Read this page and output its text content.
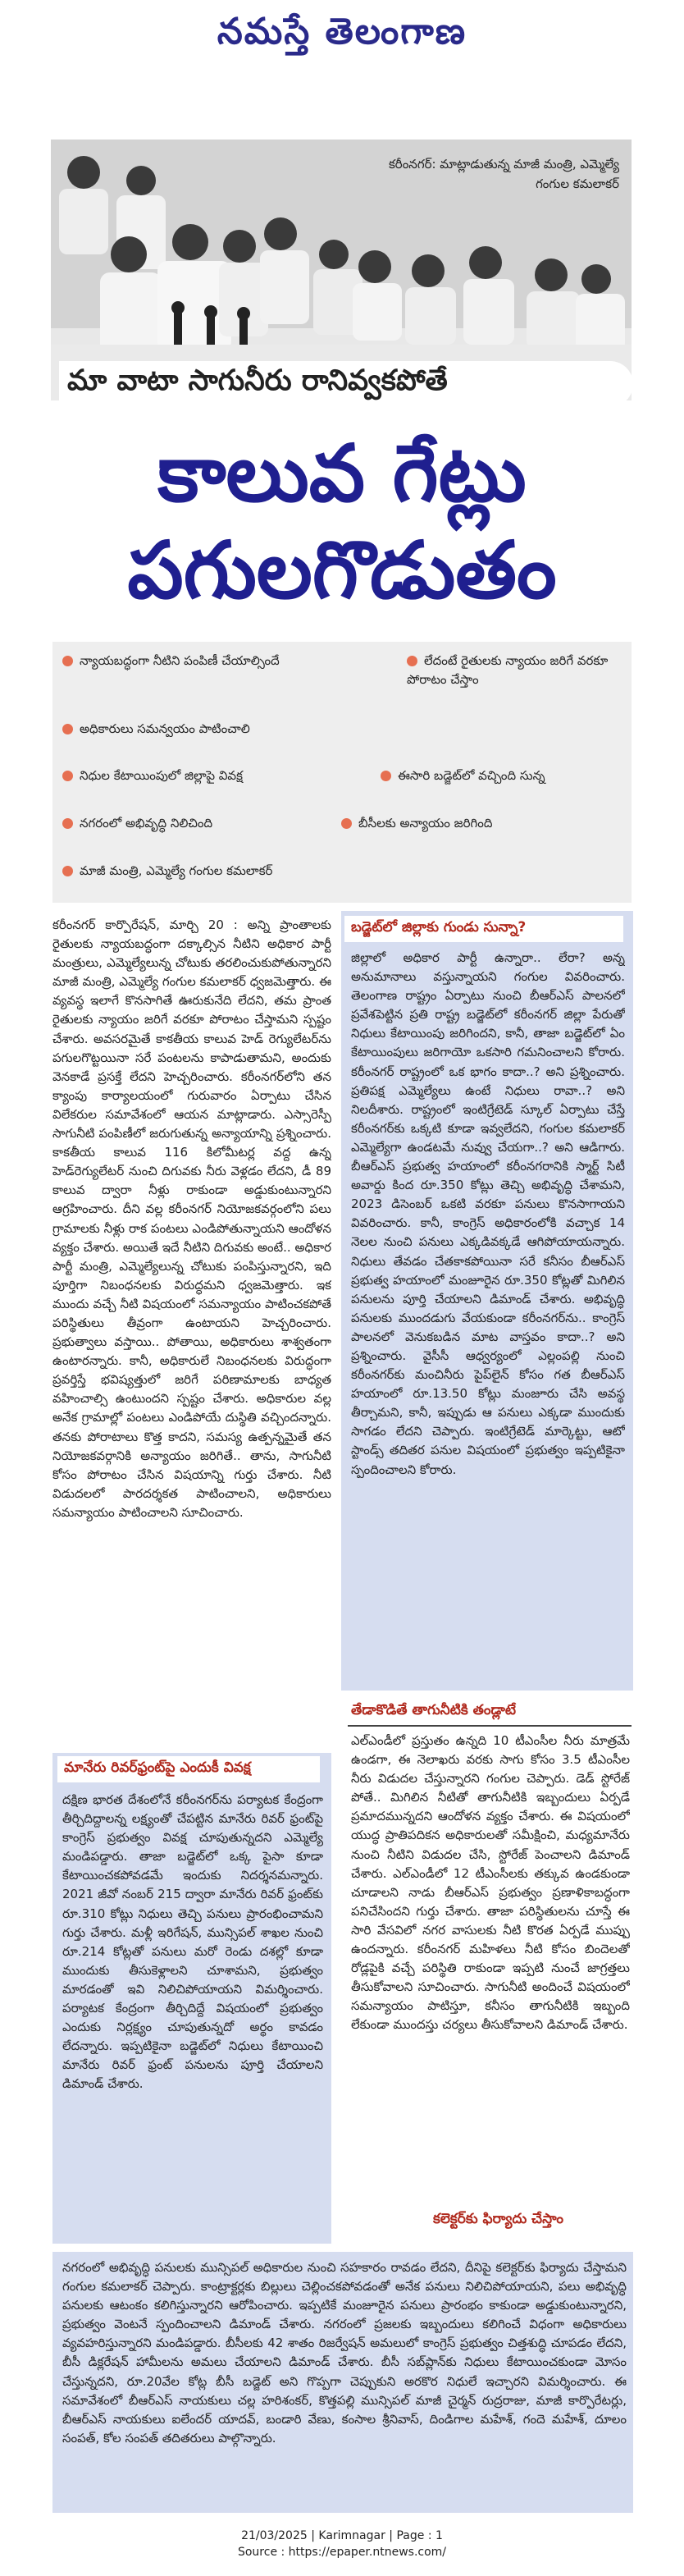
నమస్తే తెలంగాణ
కరీంనగర్: మాట్లాడుతున్న మాజీ మంత్రి, ఎమ్మెల్యే గంగుల కమలాకర్
మా వాటా సాగునీరు రానివ్వకపోతే
కాలువ గేట్లు
పగులగొడుతం
న్యాయబద్ధంగా నీటిని పంపిణీ చేయాల్సిందే	లేదంటే రైతులకు న్యాయం జరిగే వరకూ పోరాటం చేస్తాం
అధికారులు సమన్వయం పాటించాలి
నిధుల కేటాయింపులో జిల్లాపై వివక్ష	ఈసారి బడ్జెట్‌లో వచ్చింది సున్న
నగరంలో అభివృద్ధి నిలిచింది	బీసీలకు అన్యాయం జరిగింది
మాజీ మంత్రి, ఎమ్మెల్యే గంగుల కమలాకర్

కరీంనగర్ కార్పొరేషన్, మార్చి 20 : అన్ని ప్రాంతాలకు రైతులకు న్యాయబద్ధంగా దక్కాల్సిన నీటిని అధికార పార్టీ మంత్రులు, ఎమ్మెల్యేలున్న చోటుకు తరలించుకుపోతున్నారని మాజీ మంత్రి, ఎమ్మెల్యే గంగుల కమలాకర్ ధ్వజమెత్తారు. ఈ వ్యవస్థ ఇలాగే కొనసాగితే ఊరుకునేది లేదని, తమ ప్రాంత రైతులకు న్యాయం జరిగే వరకూ పోరాటం చేస్తామని స్పష్టం చేశారు. అవసరమైతే కాకతీయ కాలువ హెడ్ రెగ్యులేటర్‌ను పగులగొట్టయినా సరే పంటలను కాపాడుతామని, అందుకు వెనకాడే ప్రసక్తే లేదని హెచ్చరించారు. కరీంనగర్‌లోని తన క్యాంపు కార్యాలయంలో గురువారం ఏర్పాటు చేసిన విలేకరుల సమావేశంలో ఆయన మాట్లాడారు. ఎస్సారెస్పీ సాగునీటి పంపిణీలో జరుగుతున్న అన్యాయాన్ని ప్రశ్నించారు. కాకతీయ కాలువ 116 కిలోమీటర్ల వద్ద ఉన్న హెడ్‌రెగ్యులేటర్ నుంచి దిగువకు నీరు వెళ్లడం లేదని, డీ 89 కాలువ ద్వారా నీళ్లు రాకుండా అడ్డుకుంటున్నారని ఆగ్రహించారు. దీని వల్ల కరీంనగర్ నియోజకవర్గంలోని పలు గ్రామాలకు నీళ్లు రాక పంటలు ఎండిపోతున్నాయని ఆందోళన వ్యక్తం చేశారు. అయితే ఇదే నీటిని దిగువకు అంటే.. అధికార పార్టీ మంత్రి, ఎమ్మెల్యేలున్న చోటుకు పంపిస్తున్నారని, ఇది పూర్తిగా నిబంధనలకు విరుద్ధమని ధ్వజమెత్తారు. ఇక ముందు వచ్చే నీటి విషయంలో సమన్యాయం పాటించకపోతే పరిస్థితులు తీవ్రంగా ఉంటాయని హెచ్చరించారు. ప్రభుత్వాలు వస్తాయి.. పోతాయి, అధికారులు శాశ్వతంగా ఉంటారన్నారు. కానీ, అధికారులే నిబంధనలకు విరుద్ధంగా ప్రవర్తిస్తే భవిష్యత్తులో జరిగే పరిణామాలకు బాధ్యత వహించాల్సి ఉంటుందని స్పష్టం చేశారు. అధికారుల వల్ల అనేక గ్రామాల్లో పంటలు ఎండిపోయే దుస్థితి వచ్చిందన్నారు. తనకు పోరాటాలు కొత్త కాదని, సమస్య ఉత్పన్నమైతే తన నియోజకవర్గానికి అన్యాయం జరిగితే.. తాను, సాగునీటి కోసం పోరాటం చేసిన విషయాన్ని గుర్తు చేశారు. నీటి విడుదలలో పారదర్శకత పాటించాలని, అధికారులు సమన్యాయం పాటించాలని సూచించారు.

బడ్జెట్‌లో జిల్లాకు గుండు సున్నా?

జిల్లాలో అధికార పార్టీ ఉన్నారా.. లేరా? అన్న అనుమానాలు వస్తున్నాయని గంగుల వివరించారు. తెలంగాణ రాష్ట్రం ఏర్పాటు నుంచి బీఆర్‌ఎస్ పాలనలో ప్రవేశపెట్టిన ప్రతి రాష్ట్ర బడ్జెట్‌లో కరీంనగర్ జిల్లా పేరుతో నిధులు కేటాయింపు జరిగిందని, కానీ, తాజా బడ్జెట్‌లో ఏం కేటాయింపులు జరిగాయో ఒకసారి గమనించాలని కోరారు. కరీంనగర్ రాష్ట్రంలో ఒక భాగం కాదా..? అని ప్రశ్నించారు. ప్రతిపక్ష ఎమ్మెల్యేలు ఉంటే నిధులు రావా..? అని నిలదీశారు. రాష్ట్రంలో ఇంటిగ్రేటెడ్ స్కూల్ ఏర్పాటు చేస్తే కరీంనగర్‌కు ఒక్కటి కూడా ఇవ్వలేదని, గంగుల కమలాకర్ ఎమ్మెల్యేగా ఉండటమే నువ్వు చేయగా..? అని ఆడిగారు. బీఆర్‌ఎస్ ప్రభుత్వ హయాంలో కరీంనగరానికి స్మార్ట్ సిటీ అవార్డు కింద రూ.350 కోట్లు తెచ్చి అభివృద్ధి చేశామని, 2023 డిసెంబర్ ఒకటి వరకూ పనులు కొనసాగాయని వివరించారు. కానీ, కాంగ్రెస్ అధికారంలోకి వచ్చాక 14 నెలల నుంచి పనులు ఎక్కడివక్కడే ఆగిపోయాయన్నారు. నిధులు తేవడం చేతకాకపోయినా సరే కనీసం బీఆర్‌ఎస్ ప్రభుత్వ హయాంలో మంజూరైన రూ.350 కోట్లతో మిగిలిన పనులను పూర్తి చేయాలని డిమాండ్ చేశారు. అభివృద్ధి పనులకు ముందడుగు వేయకుండా కరీంనగర్‌ను.. కాంగ్రెస్ పాలనలో వెనుకబడిన మాట వాస్తవం కాదా..? అని ప్రశ్నించారు. వైసీసీ ఆధ్వర్యంలో ఎల్లంపల్లి నుంచి కరీంనగర్‌కు మంచినీరు పైప్‌లైన్ కోసం గత బీఆర్‌ఎస్ హయాంలో రూ.13.50 కోట్లు మంజూరు చేసి అవస్థ తీర్చామని, కానీ, ఇప్పుడు ఆ పనులు ఎక్కడా ముందుకు సాగడం లేదని చెప్పారు. ఇంటిగ్రేటెడ్ మార్కెట్టు, ఆటో స్టాండ్స్ తదితర పనుల విషయంలో ప్రభుత్వం ఇప్పటికైనా స్పందించాలని కోరారు.

మానేరు రివర్‌ఫ్రంట్‌పై ఎందుకీ వివక్ష

దక్షిణ భారత దేశంలోనే కరీంనగర్‌ను పర్యాటక కేంద్రంగా తీర్చిదిద్దాలన్న లక్ష్యంతో చేపట్టిన మానేరు రివర్ ఫ్రంట్‌పై కాంగ్రెస్ ప్రభుత్వం వివక్ష చూపుతున్నదని ఎమ్మెల్యే మండిపడ్డారు. తాజా బడ్జెట్‌లో ఒక్క పైసా కూడా కేటాయించకపోవడమే ఇందుకు నిదర్శనమన్నారు. 2021 జీవో నంబర్ 215 ద్వారా మానేరు రివర్ ఫ్రంట్‌కు రూ.310 కోట్లు నిధులు తెచ్చి పనులు ప్రారంభించామని గుర్తు చేశారు. మళ్లీ ఇరిగేషన్, మున్సిపల్ శాఖల నుంచి రూ.214 కోట్లతో పనులు మరో రెండు దశల్లో కూడా ముందుకు తీసుకెళ్లాలని చూశామని, ప్రభుత్వం మారడంతో ఇవి నిలిచిపోయాయని విమర్శించారు. పర్యాటక కేంద్రంగా తీర్చిదిద్దే విషయంలో ప్రభుత్వం ఎందుకు నిర్లక్ష్యం చూపుతున్నదో అర్థం కావడం లేదన్నారు. ఇప్పటికైనా బడ్జెట్‌లో నిధులు కేటాయించి మానేరు రివర్ ఫ్రంట్ పనులను పూర్తి చేయాలని డిమాండ్ చేశారు.

తేడాకొడితే తాగునీటికి తండ్లాటే

ఎల్‌ఎండీలో ప్రస్తుతం ఉన్నది 10 టీఎంసీల నీరు మాత్రమే ఉండగా, ఈ నెలాఖరు వరకు సాగు కోసం 3.5 టీఎంసీల నీరు విడుదల చేస్తున్నారని గంగుల చెప్పారు. డెడ్ స్టోరేజ్ పోతే.. మిగిలిన నీటితో తాగునీటికి ఇబ్బందులు ఏర్పడే ప్రమాదమున్నదని ఆందోళన వ్యక్తం చేశారు. ఈ విషయంలో యుద్ధ ప్రాతిపదికన అధికారులతో సమీక్షించి, మధ్యమానేరు నుంచి నీటిని విడుదల చేసి, స్టోరేజ్ పెంచాలని డిమాండ్ చేశారు. ఎల్‌ఎండీలో 12 టీఎంసీలకు తక్కువ ఉండకుండా చూడాలని నాడు బీఆర్‌ఎస్ ప్రభుత్వం ప్రణాళికాబద్ధంగా పనిచేసిందని గుర్తు చేశారు. తాజా పరిస్థితులను చూస్తే ఈ సారి వేసవిలో నగర వాసులకు నీటి కొరత ఏర్పడే ముప్పు ఉందన్నారు. కరీంనగర్ మహిళలు నీటి కోసం బిందెలతో రోడ్లపైకి వచ్చే పరిస్థితి రాకుండా ఇప్పటి నుంచే జాగ్రత్తలు తీసుకోవాలని సూచించారు. సాగునీటి అందించే విషయంలో సమన్యాయం పాటిస్తూ, కనీసం తాగునీటికి ఇబ్బంది లేకుండా ముందస్తు చర్యలు తీసుకోవాలని డిమాండ్ చేశారు.

కలెక్టర్‌కు ఫిర్యాదు చేస్తాం

నగరంలో అభివృద్ధి పనులకు మున్సిపల్ అధికారుల నుంచి సహకారం రావడం లేదని, దీనిపై కలెక్టర్‌కు ఫిర్యాదు చేస్తామని గంగుల కమలాకర్ చెప్పారు. కాంట్రాక్టర్లకు బిల్లులు చెల్లించకపోవడంతో అనేక పనులు నిలిచిపోయాయని, పలు అభివృద్ధి పనులకు ఆటంకం కలిగిస్తున్నారని ఆరోపించారు. ఇప్పటికే మంజూరైన పనులు ప్రారంభం కాకుండా అడ్డుకుంటున్నారని, ప్రభుత్వం వెంటనే స్పందించాలని డిమాండ్ చేశారు. నగరంలో ప్రజలకు ఇబ్బందులు కలిగించే విధంగా అధికారులు వ్యవహరిస్తున్నారని మండిపడ్డారు. బీసీలకు 42 శాతం రిజర్వేషన్ అమలులో కాంగ్రెస్ ప్రభుత్వం చిత్తశుద్ధి చూపడం లేదని, బీసీ డిక్లరేషన్ హామీలను అమలు చేయాలని డిమాండ్ చేశారు. బీసీ సబ్‌ప్లాన్‌కు నిధులు కేటాయించకుండా మోసం చేస్తున్నదని, రూ.20వేల కోట్ల బీసీ బడ్జెట్ అని గొప్పగా చెప్పుకుని అరకొర నిధులే ఇచ్చారని విమర్శించారు. ఈ సమావేశంలో బీఆర్‌ఎస్ నాయకులు చల్ల హరిశంకర్, కొత్తపల్లి మున్సిపల్ మాజీ చైర్మన్ రుద్రరాజు, మాజీ కార్పొరేటర్లు, బీఆర్‌ఎస్ నాయకులు ఐలేందర్ యాదవ్, బండారి వేణు, కంసాల శ్రీనివాస్, దిండిగాల మహేశ్, గందె మహేశ్, దూలం సంపత్, కోల సంపత్ తదితరులు పాల్గొన్నారు.

21/03/2025 | Karimnagar | Page : 1
Source : https://epaper.ntnews.com/
